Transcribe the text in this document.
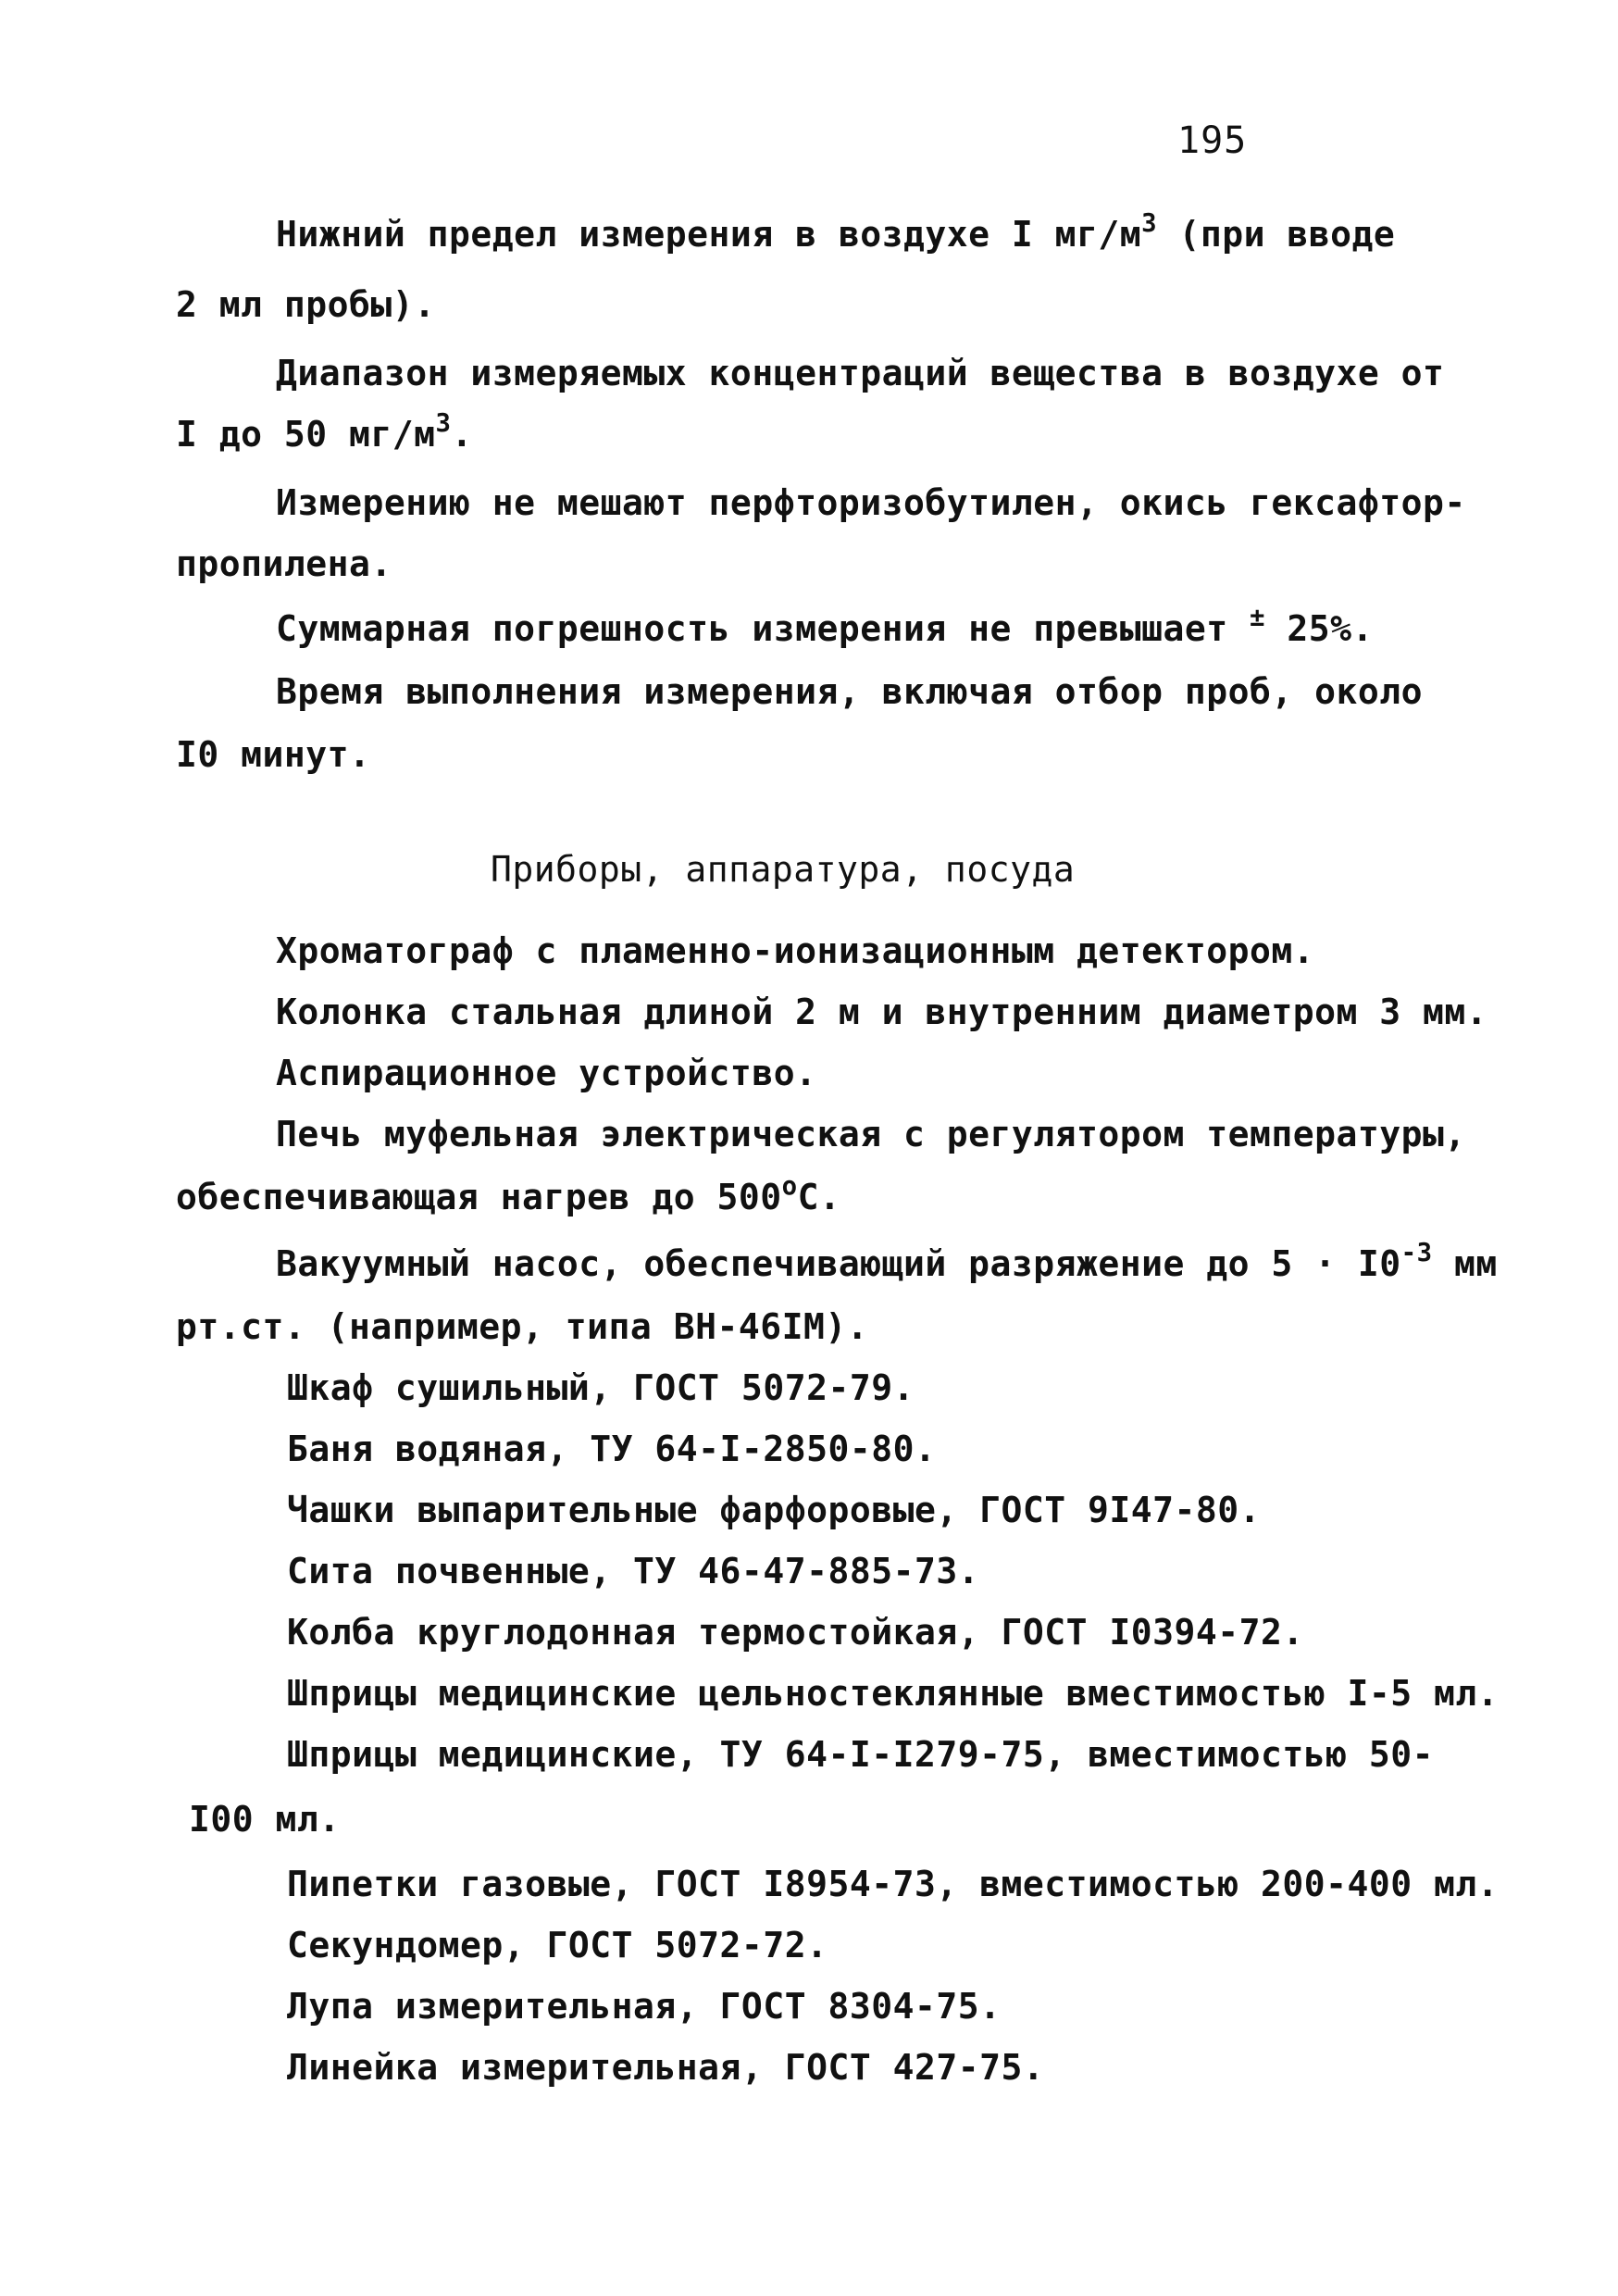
195
Нижний предел измерения в воздухе I $мг/м^3$ (при вводе
2 мл пробы).
Диапазон измеряемых концентраций вещества в воздухе от
I до 50 $мг/м^3$.
Измерению не мешают перфторизобутилен, окись гексафтор-
пропилена.
Суммарная погрешность измерения не превышает ± 25%.
Время выполнения измерения, включая отбор проб, около
I0 минут.
Приборы, аппаратура, посуда
Хроматограф с пламенно-ионизационным детектором.
Колонка стальная длиной 2 м и внутренним диаметром 3 мм.
Аспирационное устройство.
Печь муфельная электрическая с регулятором температуры,
обеспечивающая нагрев до $500^оС$.
Вакуумный насос, обеспечивающий разряжение до $5 \cdot I0^{-3}$ мм
рт.ст. (например, типа ВН-46IМ).
Шкаф сушильный, ГОСТ 5072-79.
Баня водяная, ТУ 64-I-2850-80.
Чашки выпарительные фарфоровые, ГОСТ 9I47-80.
Сита почвенные, ТУ 46-47-885-73.
Колба круглодонная термостойкая, ГОСТ I0394-72.
Шприцы медицинские цельностеклянные вместимостью I-5 мл.
Шприцы медицинские, ТУ 64-I-I279-75, вместимостью 50-
I00 мл.
Пипетки газовые, ГОСТ I8954-73, вместимостью 200-400 мл.
Секундомер, ГОСТ 5072-72.
Лупа измерительная, ГОСТ 8304-75.
Линейка измерительная, ГОСТ 427-75.
